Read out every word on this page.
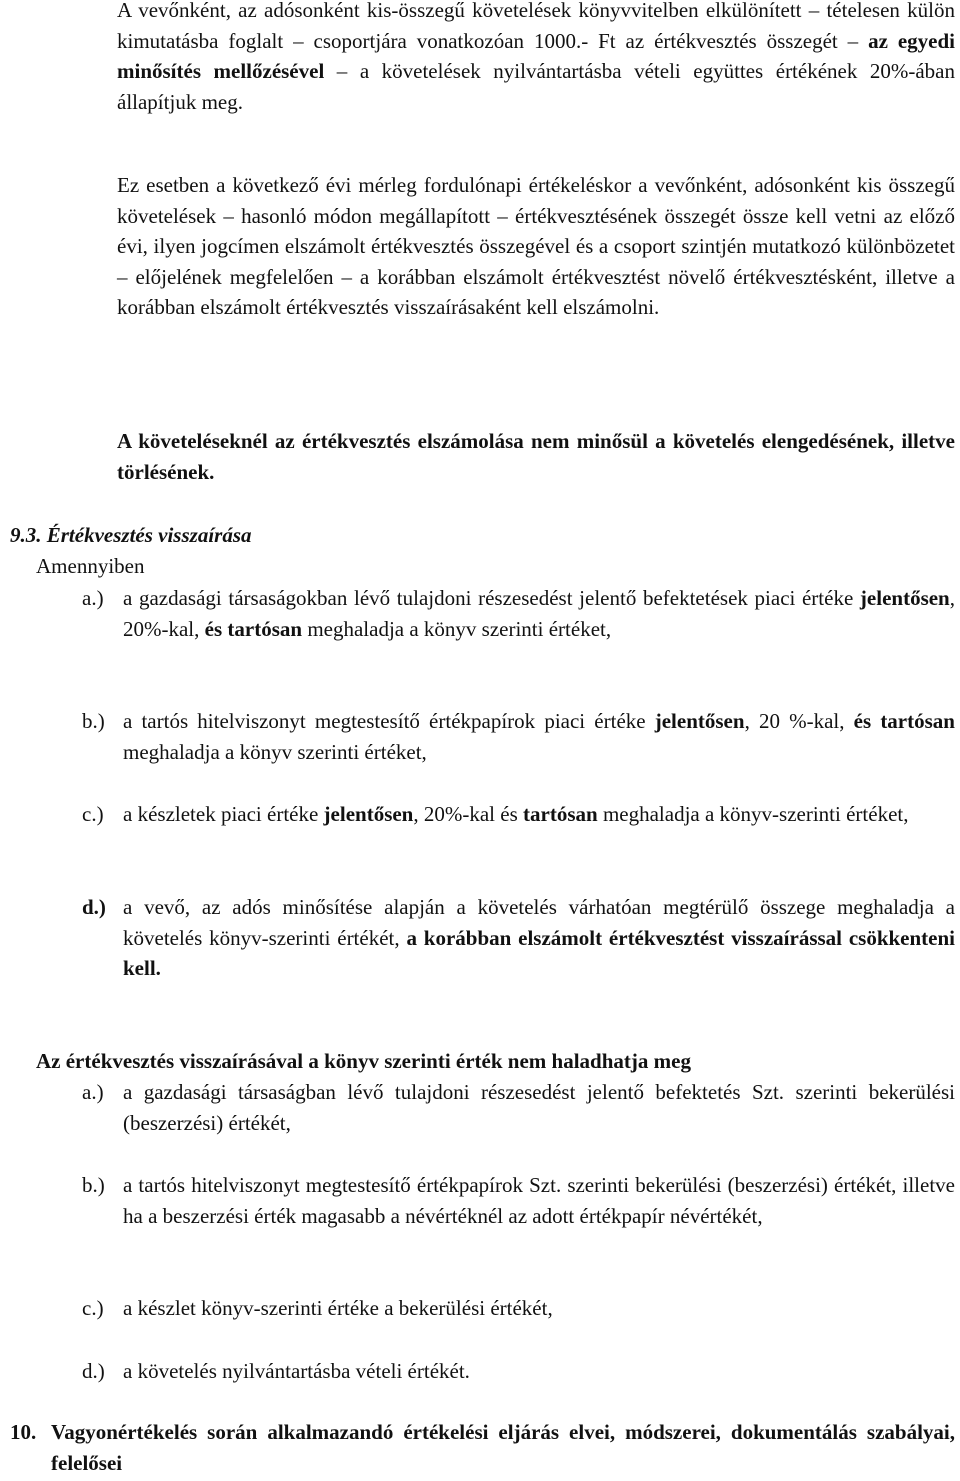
A vevőnként, az adósonként kis-összegű követelések könyvvitelben elkülönített – tételesen külön kimutatásba foglalt – csoportjára vonatkozóan 1000.- Ft az értékvesztés összegét – az egyedi minősítés mellőzésével – a követelések nyilvántartásba vételi együttes értékének 20%-ában állapítjuk meg.

Ez esetben a következő évi mérleg fordulónapi értékeléskor a vevőnként, adósonként kis összegű követelések – hasonló módon megállapított – értékvesztésének összegét össze kell vetni az előző évi, ilyen jogcímen elszámolt értékvesztés összegével és a csoport szintjén mutatkozó különbözetet – előjelének megfelelően – a korábban elszámolt értékvesztést növelő értékvesztésként, illetve a korábban elszámolt értékvesztés visszaírásaként kell elszámolni.

A követeléseknél az értékvesztés elszámolása nem minősül a követelés elengedésének, illetve törlésének.

9.3. Értékvesztés visszaírása
Amennyiben
a.) a gazdasági társaságokban lévő tulajdoni részesedést jelentő befektetések piaci értéke jelentősen, 20%-kal, és tartósan meghaladja a könyv szerinti értéket,

b.) a tartós hitelviszonyt megtestesítő értékpapírok piaci értéke jelentősen, 20 %-kal, és tartósan meghaladja a könyv szerinti értéket,

c.) a készletek piaci értéke jelentősen, 20%-kal és tartósan meghaladja a könyv-szerinti értéket,

d.) a vevő, az adós minősítése alapján a követelés várhatóan megtérülő összege meghaladja a követelés könyv-szerinti értékét, a korábban elszámolt értékvesztést visszaírással csökkenteni kell.

Az értékvesztés visszaírásával a könyv szerinti érték nem haladhatja meg
a.) a gazdasági társaságban lévő tulajdoni részesedést jelentő befektetés Szt. szerinti bekerülési (beszerzési) értékét,

b.) a tartós hitelviszonyt megtestesítő értékpapírok Szt. szerinti bekerülési (beszerzési) értékét, illetve ha a beszerzési érték magasabb a névértéknél az adott értékpapír névértékét,

c.) a készlet könyv-szerinti értéke a bekerülési értékét,

d.) a követelés nyilvántartásba vételi értékét.

10. Vagyonértékelés során alkalmazandó értékelési eljárás elvei, módszerei, dokumentálás szabályai, felelősei
